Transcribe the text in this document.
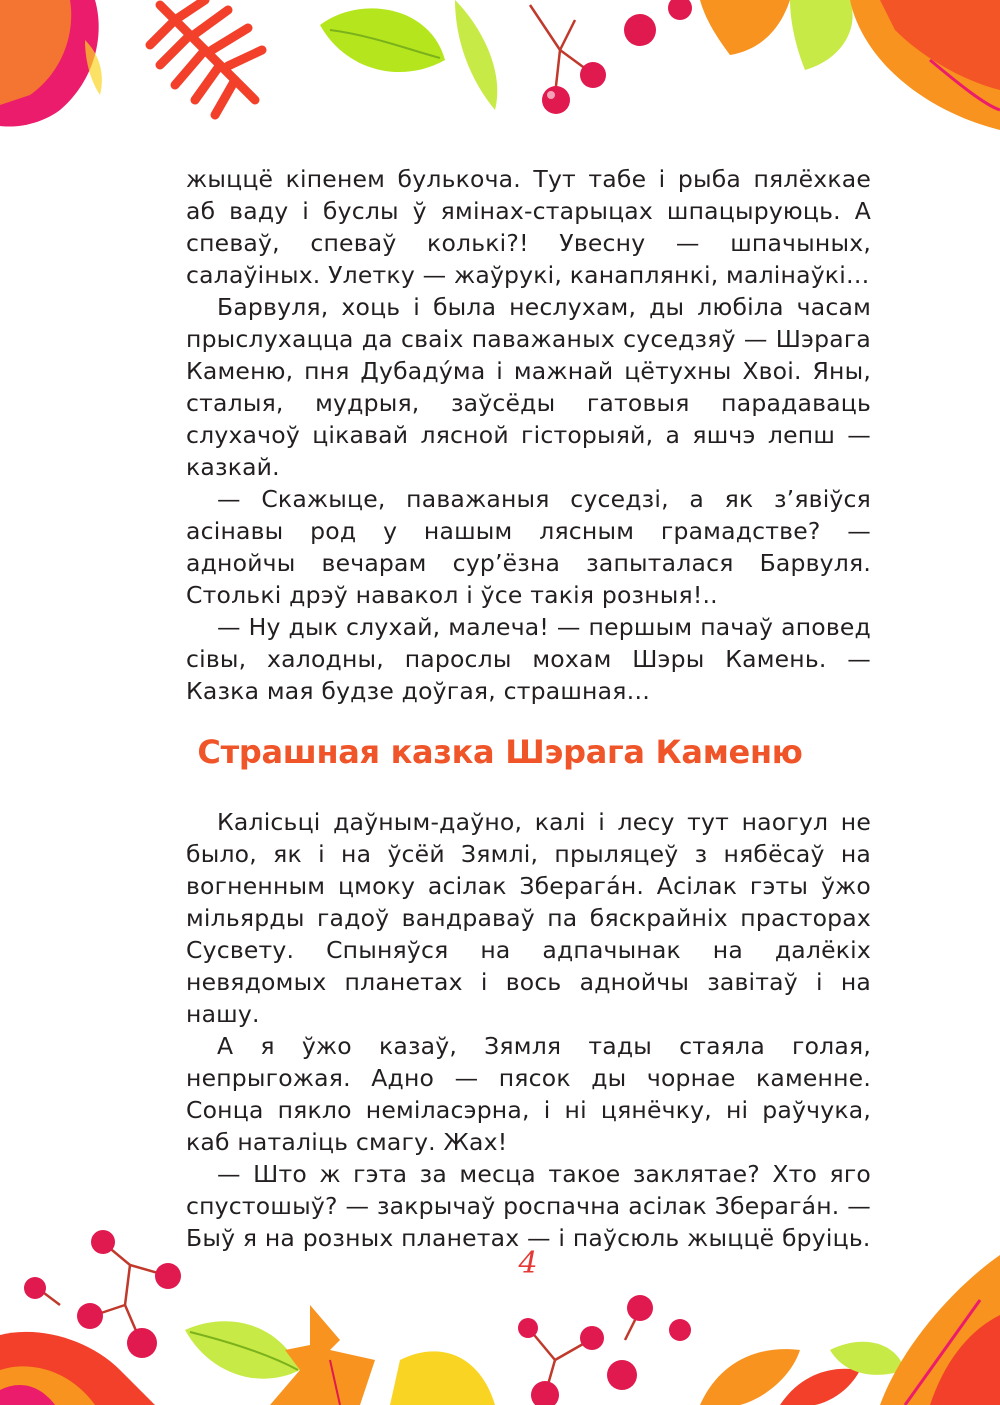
жыццё кіпенем булькоча. Тут табе і рыба пялёхкае аб ваду і буслы ў ямінах-старыцах шпацыруюць. А спеваў, спеваў колькі?! Увесну — шпачыных, салаўіных. Улетку — жаўрукі, канаплянкі, малінаўкі…

Барвуля, хоць і была неслухам, ды любіла часам прыслухацца да сваіх паважаных суседзяў — Шэрага Каменю, пня Дубаду́ма і мажнай цётухны Хвоі. Яны, сталыя, мудрыя, заўсёды гатовыя парадаваць слухачоў цікавай лясной гісторыяй, а яшчэ лепш — казкай.

— Скажыце, паважаныя суседзі, а як з’явіўся асінавы род у нашым лясным грамадстве? — аднойчы вечарам сур’ёзна запыталася Барвуля. Столькі дрэў навакол і ўсе такія розныя!..

— Ну дык слухай, малеча! — першым пачаў аповед сівы, халодны, парослы мохам Шэры Камень. — Казка мая будзе доўгая, страшная…

Страшная казка Шэрага Каменю

Калісьці даўным-даўно, калі і лесу тут наогул не было, як і на ўсёй Зямлі, прыляцеў з нябёсаў на вогненным цмоку асілак Зберага́н. Асілак гэты ўжо мільярды гадоў вандраваў па бяскрайніх прасторах Сусвету. Спыняўся на адпачынак на далёкіх невядомых планетах і вось аднойчы завітаў і на нашу.

А я ўжо казаў, Зямля тады стаяла голая, непрыгожая. Адно — пясок ды чорнае каменне. Сонца пякло неміласэрна, і ні цянёчку, ні раўчука, каб наталіць смагу. Жах!

— Што ж гэта за месца такое заклятае? Хто яго спустошыў? — закрычаў роспачна асілак Зберага́н. — Быў я на розных планетах — і паўсюль жыццё бруіць.

4
